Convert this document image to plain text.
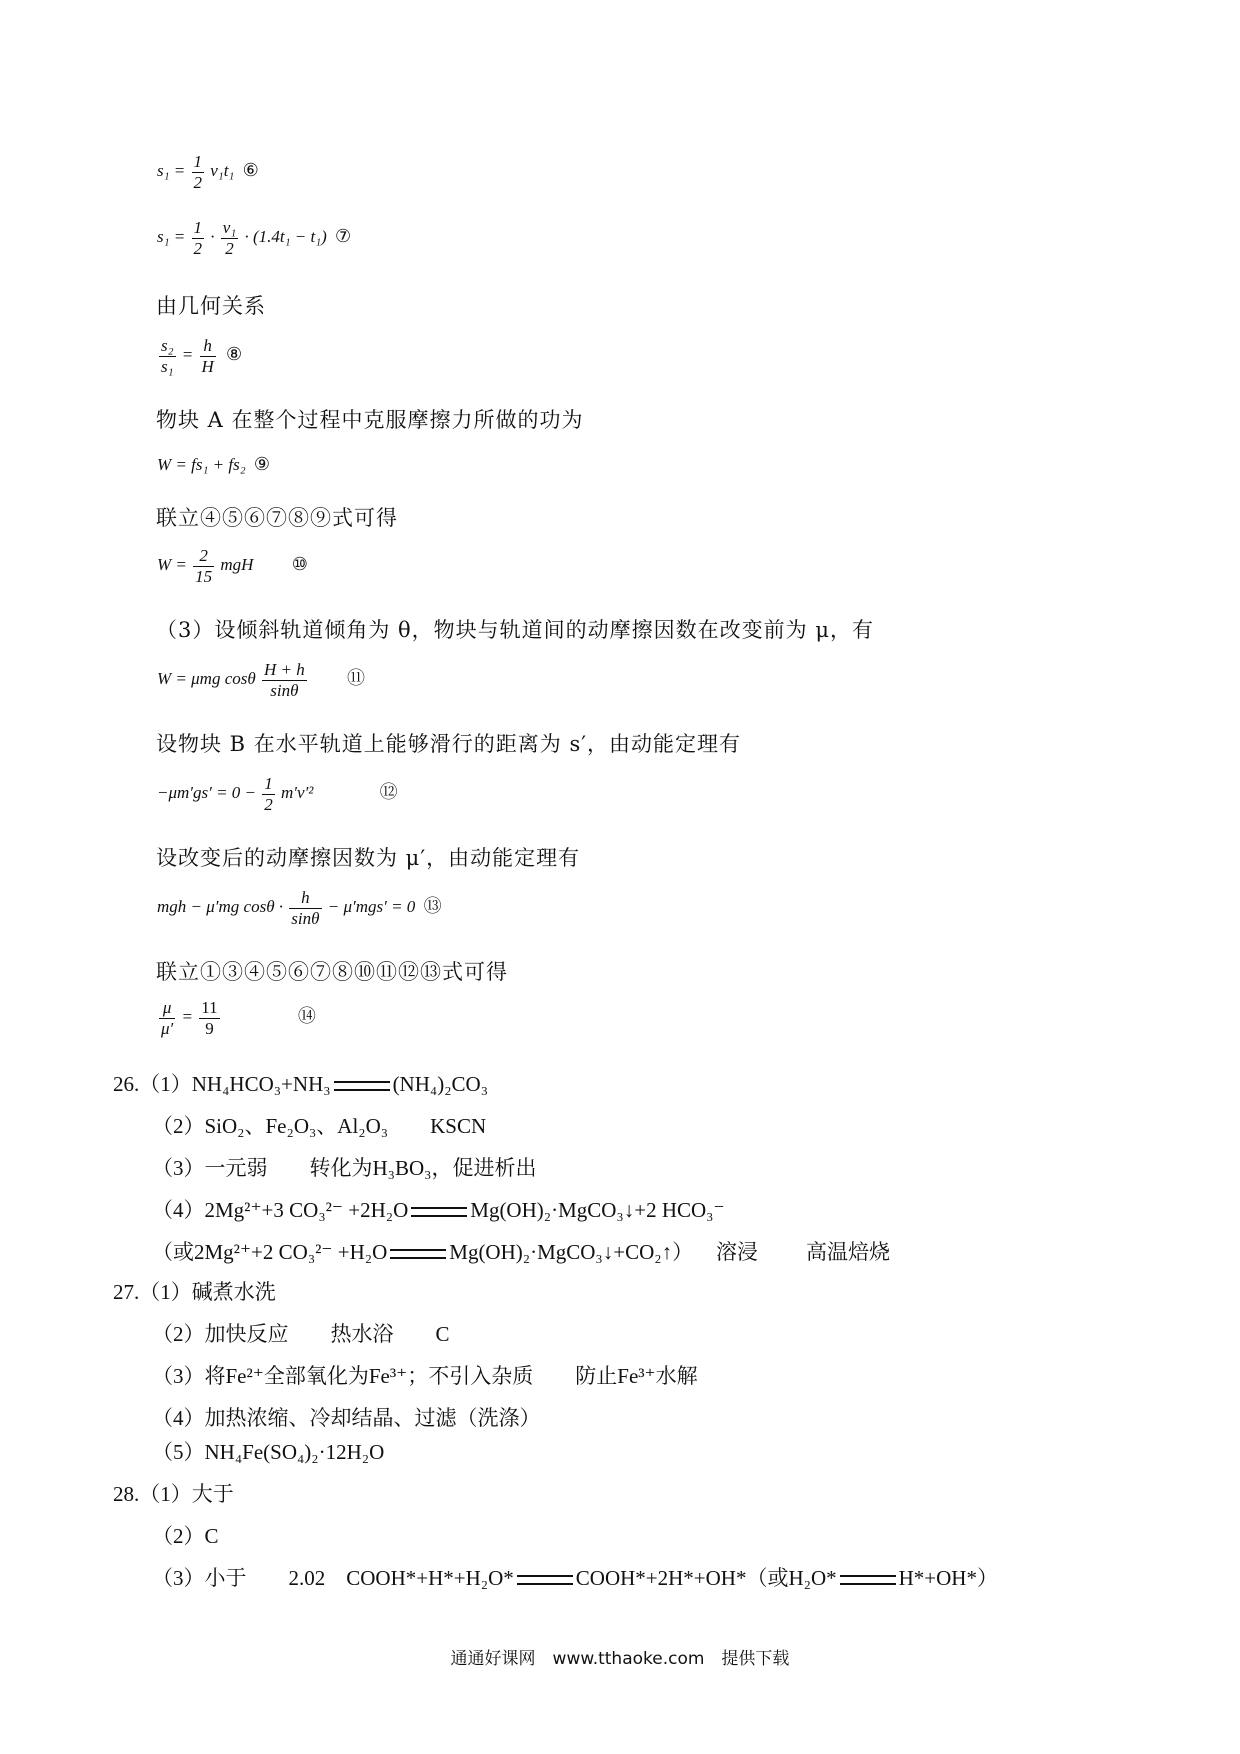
$s_1 = \frac{1}{2} v_1t_1$ ⑥
$s_1 = \frac{1}{2} \cdot \frac{\text{v₁}}{2} \cdot (1.4t_1 - t_1)$ ⑦
由几何关系
$\frac{\text{s₂}}{\text{s₁}} = \frac{h}{H}$ ⑧
物块 A 在整个过程中克服摩擦力所做的功为
W = fs₁ + fs₂ ⑨
联立④⑤⑥⑦⑧⑨式可得
$W = \frac{2}{15}$ mgH ⑩
（3）设倾斜轨道倾角为 θ，物块与轨道间的动摩擦因数在改变前为 μ，有
W = μmg cosθ $\frac{H + h}{\sin\theta}$ ⑪
设物块 B 在水平轨道上能够滑行的距离为 s′，由动能定理有
$-\mu m'gs' = 0 - \frac{1}{2} m'v'^2$	⑫
设改变后的动摩擦因数为 μ′，由动能定理有
mgh − μ′mg $\cos\theta \cdot \frac{h}{\sin\theta} - \mu'mgs' = 0$ ⑬
联立①③④⑤⑥⑦⑧⑩⑪⑫⑬式可得
$\frac{\mu}{\mu'} = \frac{11}{9}$	⑭
26.（1）NH₄HCO₃+NH₃	(NH₄)₂CO₃
（2）SiO₂、Fe₂O₃、Al₂O₃　　KSCN
（3）一元弱　　转化为H₃BO₃，促进析出
（4）2Mg²⁺+3 CO₃²⁻ +2H₂O	Mg(OH)₂·MgCO₃↓+2 HCO₃⁻
（或2Mg²⁺+2 CO₃²⁻ +H₂O	Mg(OH)₂·MgCO₃↓+CO₂↑） 溶浸 高温焙烧
27.（1）碱煮水洗
（2）加快反应　　热水浴　　C
（3）将Fe²⁺全部氧化为Fe³⁺；不引入杂质　　防止Fe³⁺水解
（4）加热浓缩、冷却结晶、过滤（洗涤）
（5）NH₄Fe(SO₄)₂·12H₂O
28.（1）大于
（2）C
（3）小于　　2.02　COOH*+H*+H₂O*	COOH*+2H*+OH*（或H₂O*	H*+OH*）
通通好课网　www.tthaoke.com　提供下载
